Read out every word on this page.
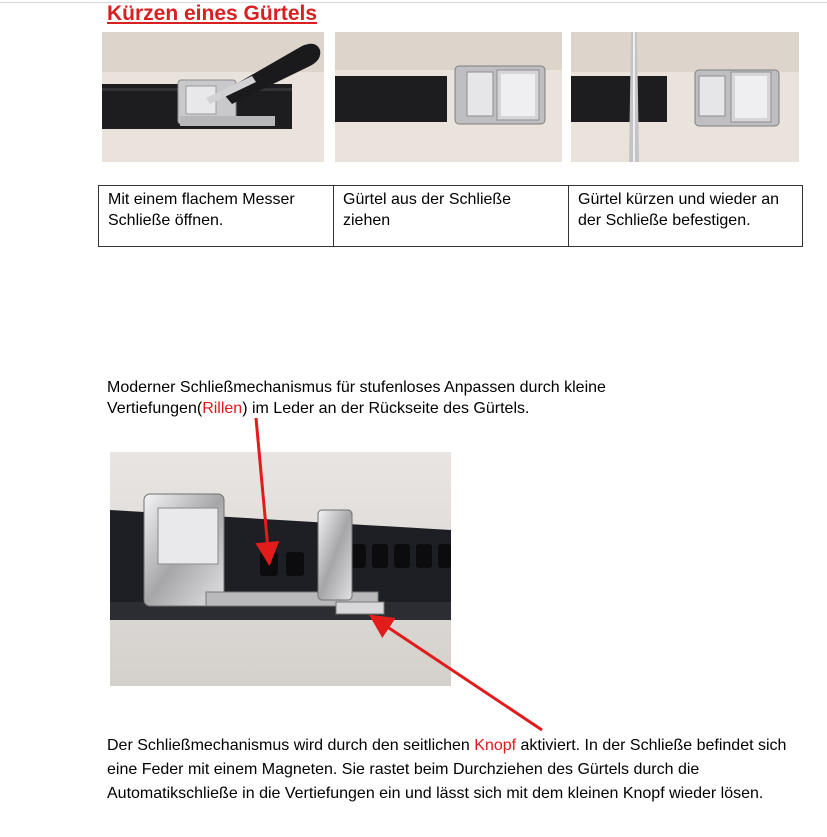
Kürzen eines Gürtels
Mit einem flachem Messer Schließe öffnen.	Gürtel aus der Schließe ziehen	Gürtel kürzen und wieder an der Schließe befestigen.
Moderner Schließmechanismus für stufenloses Anpassen durch kleine Vertiefungen(Rillen) im Leder an der Rückseite des Gürtels.
Der Schließmechanismus wird durch den seitlichen Knopf aktiviert. In der Schließe befindet sich eine Feder mit einem Magneten. Sie rastet beim Durchziehen des Gürtels durch die Automatikschließe in die Vertiefungen ein und lässt sich mit dem kleinen Knopf wieder lösen.
